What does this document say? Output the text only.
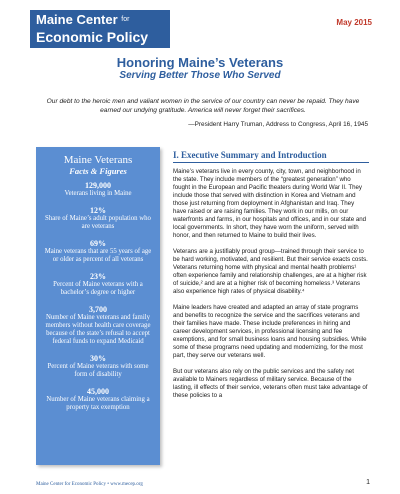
Maine Center $^{for}$
Economic Policy
May 2015
Honoring Maine’s Veterans
Serving Better Those Who Served
Our debt to the heroic men and valiant women in the service of our country can never be repaid. They have earned our undying gratitude. America will never forget their sacrifices.
—President Harry Truman, Address to Congress, April 16, 1945
Maine Veterans
Facts & Figures
129,000
Veterans living in Maine
12%
Share of Maine’s adult population who are veterans
69%
Maine veterans that are 55 years of age or older as percent of all veterans
23%
Percent of Maine veterans with a bachelor’s degree or higher
3,700
Number of Maine veterans and family members without health care coverage because of the state’s refusal to accept federal funds to expand Medicaid
30%
Percent of Maine veterans with some form of disability
45,000
Number of Maine veterans claiming a property tax exemption
I. Executive Summary and Introduction

Maine’s veterans live in every county, city, town, and neighborhood in the state. They include members of the “greatest generation” who fought in the European and Pacific theaters during World War II. They include those that served with distinction in Korea and Vietnam and those just returning from deployment in Afghanistan and Iraq. They have raised or are raising families. They work in our mills, on our waterfronts and farms, in our hospitals and offices, and in our state and local governments. In short, they have worn the uniform, served with honor, and then returned to Maine to build their lives.

Veterans are a justifiably proud group—trained through their service to be hard working, motivated, and resilient. But their service exacts costs. Veterans returning home with physical and mental health problems¹ often experience family and relationship challenges, are at a higher risk of suicide,² and are at a higher risk of becoming homeless.³ Veterans also experience high rates of physical disability.⁴

Maine leaders have created and adapted an array of state programs and benefits to recognize the service and the sacrifices veterans and their families have made. These include preferences in hiring and career development services, in professional licensing and fee exemptions, and for small business loans and housing subsidies. While some of these programs need updating and modernizing, for the most part, they serve our veterans well.

But our veterans also rely on the public services and the safety net available to Mainers regardless of military service. Because of the lasting, ill effects of their service, veterans often must take advantage of these policies to a

Maine Center for Economic Policy • www.mecep.org	1
